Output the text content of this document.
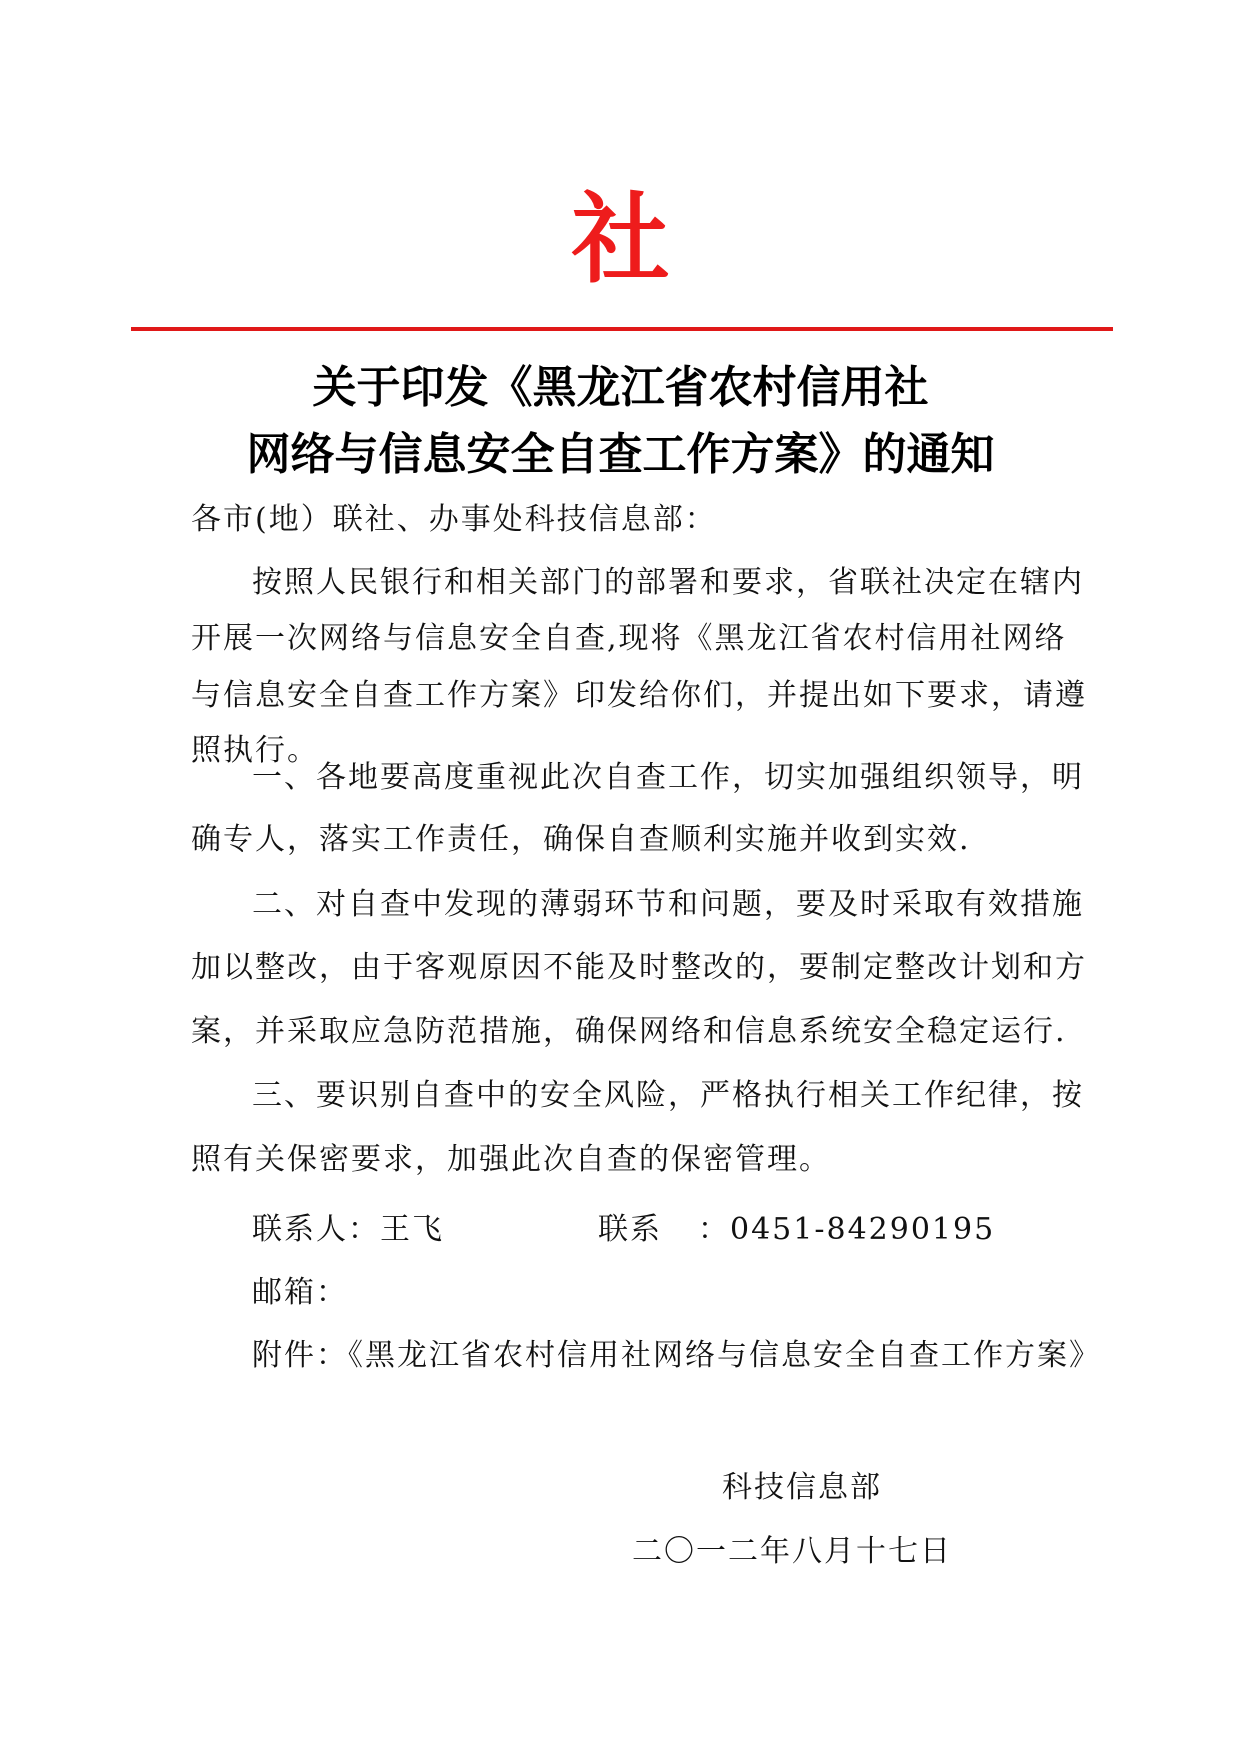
社
关于印发《黑龙江省农村信用社
网络与信息安全自查工作方案》的通知
各市(地）联社、办事处科技信息部：
按照人民银行和相关部门的部署和要求，省联社决定在辖内
开展一次网络与信息安全自查,现将《黑龙江省农村信用社网络
与信息安全自查工作方案》印发给你们，并提出如下要求，请遵
照执行。
一、各地要高度重视此次自查工作，切实加强组织领导，明
确专人，落实工作责任，确保自查顺利实施并收到实效.
二、对自查中发现的薄弱环节和问题，要及时采取有效措施
加以整改，由于客观原因不能及时整改的，要制定整改计划和方
案，并采取应急防范措施，确保网络和信息系统安全稳定运行.
三、要识别自查中的安全风险，严格执行相关工作纪律，按
照有关保密要求，加强此次自查的保密管理。
联系人：王飞	联系 ：0451-84290195
邮箱：
附件：《黑龙江省农村信用社网络与信息安全自查工作方案》
科技信息部
二〇一二年八月十七日
